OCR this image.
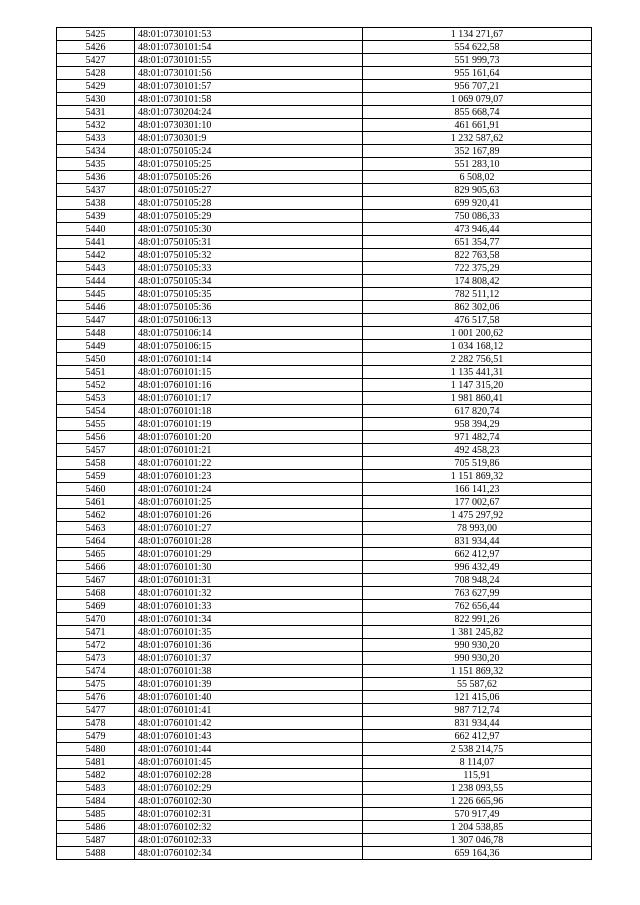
5425	48:01:0730101:53	1 134 271,67
5426	48:01:0730101:54	554 622,58
5427	48:01:0730101:55	551 999,73
5428	48:01:0730101:56	955 161,64
5429	48:01:0730101:57	956 707,21
5430	48:01:0730101:58	1 069 079,07
5431	48:01:0730204:24	855 668,74
5432	48:01:0730301:10	461 661,91
5433	48:01:0730301:9	1 232 587,62
5434	48:01:0750105:24	352 167,89
5435	48:01:0750105:25	551 283,10
5436	48:01:0750105:26	6 508,02
5437	48:01:0750105:27	829 905,63
5438	48:01:0750105:28	699 920,41
5439	48:01:0750105:29	750 086,33
5440	48:01:0750105:30	473 946,44
5441	48:01:0750105:31	651 354,77
5442	48:01:0750105:32	822 763,58
5443	48:01:0750105:33	722 375,29
5444	48:01:0750105:34	174 808,42
5445	48:01:0750105:35	782 511,12
5446	48:01:0750105:36	862 302,06
5447	48:01:0750106:13	476 517,58
5448	48:01:0750106:14	1 001 200,62
5449	48:01:0750106:15	1 034 168,12
5450	48:01:0760101:14	2 282 756,51
5451	48:01:0760101:15	1 135 441,31
5452	48:01:0760101:16	1 147 315,20
5453	48:01:0760101:17	1 981 860,41
5454	48:01:0760101:18	617 820,74
5455	48:01:0760101:19	958 394,29
5456	48:01:0760101:20	971 482,74
5457	48:01:0760101:21	492 458,23
5458	48:01:0760101:22	705 519,86
5459	48:01:0760101:23	1 151 869,32
5460	48:01:0760101:24	166 141,23
5461	48:01:0760101:25	177 002,67
5462	48:01:0760101:26	1 475 297,92
5463	48:01:0760101:27	78 993,00
5464	48:01:0760101:28	831 934,44
5465	48:01:0760101:29	662 412,97
5466	48:01:0760101:30	996 432,49
5467	48:01:0760101:31	708 948,24
5468	48:01:0760101:32	763 627,99
5469	48:01:0760101:33	762 656,44
5470	48:01:0760101:34	822 991,26
5471	48:01:0760101:35	1 381 245,82
5472	48:01:0760101:36	990 930,20
5473	48:01:0760101:37	990 930,20
5474	48:01:0760101:38	1 151 869,32
5475	48:01:0760101:39	55 587,62
5476	48:01:0760101:40	121 415,06
5477	48:01:0760101:41	987 712,74
5478	48:01:0760101:42	831 934,44
5479	48:01:0760101:43	662 412,97
5480	48:01:0760101:44	2 538 214,75
5481	48:01:0760101:45	8 114,07
5482	48:01:0760102:28	115,91
5483	48:01:0760102:29	1 238 093,55
5484	48:01:0760102:30	1 226 665,96
5485	48:01:0760102:31	570 917,49
5486	48:01:0760102:32	1 204 538,85
5487	48:01:0760102:33	1 307 046,78
5488	48:01:0760102:34	659 164,36
